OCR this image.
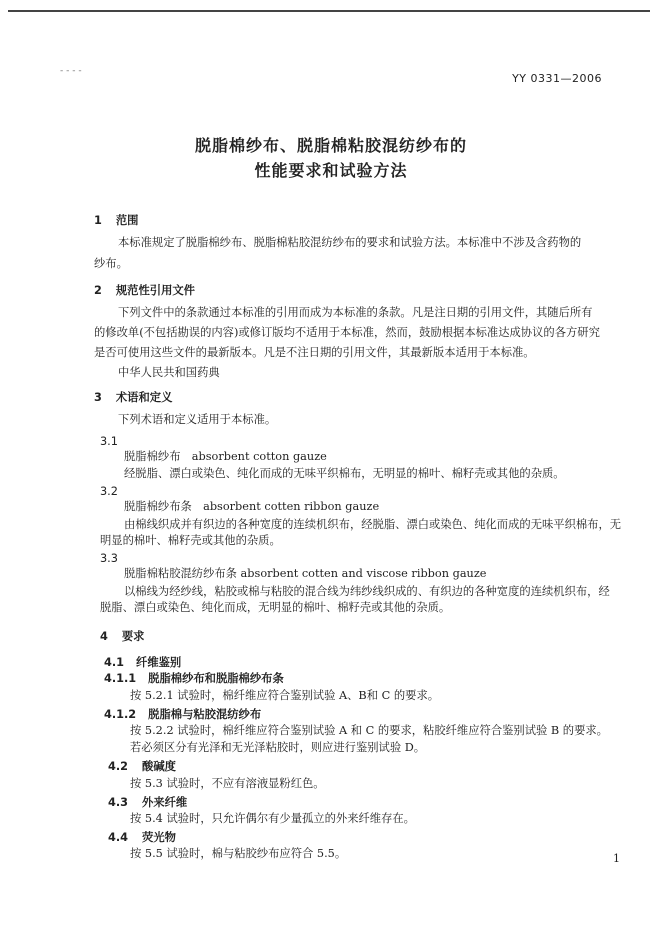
- - - -
YY 0331—2006
脱脂棉纱布、脱脂棉粘胶混纺纱布的
性能要求和试验方法
1 范围
本标准规定了脱脂棉纱布、脱脂棉粘胶混纺纱布的要求和试验方法。本标准中不涉及含药物的
纱布。
2 规范性引用文件
下列文件中的条款通过本标准的引用而成为本标准的条款。凡是注日期的引用文件，其随后所有
的修改单(不包括勘误的内容)或修订版均不适用于本标准，然而，鼓励根据本标准达成协议的各方研究
是否可使用这些文件的最新版本。凡是不注日期的引用文件，其最新版本适用于本标准。
中华人民共和国药典
3 术语和定义
下列术语和定义适用于本标准。
3.1
脱脂棉纱布　absorbent cotton gauze
经脱脂、漂白或染色、纯化而成的无味平织棉布，无明显的棉叶、棉籽壳或其他的杂质。
3.2
脱脂棉纱布条　absorbent cotten ribbon gauze
由棉线织成并有织边的各种宽度的连续机织布，经脱脂、漂白或染色、纯化而成的无味平织棉布，无
明显的棉叶、棉籽壳或其他的杂质。
3.3
脱脂棉粘胶混纺纱布条 absorbent cotten and viscose ribbon gauze
以棉线为经纱线，粘胶或棉与粘胶的混合线为纬纱线织成的、有织边的各种宽度的连续机织布，经
脱脂、漂白或染色、纯化而成，无明显的棉叶、棉籽壳或其他的杂质。
4 要求
4.1 纤维鉴别
4.1.1 脱脂棉纱布和脱脂棉纱布条
按 5.2.1 试验时，棉纤维应符合鉴别试验 A、B和 C 的要求。
4.1.2 脱脂棉与粘胶混纺纱布
按 5.2.2 试验时，棉纤维应符合鉴别试验 A 和 C 的要求，粘胶纤维应符合鉴别试验 B 的要求。
若必须区分有光泽和无光泽粘胶时，则应进行鉴别试验 D。
4.2 酸碱度
按 5.3 试验时，不应有溶液显粉红色。
4.3 外来纤维
按 5.4 试验时，只允许偶尔有少量孤立的外来纤维存在。
4.4 荧光物
按 5.5 试验时，棉与粘胶纱布应符合 5.5。	1
